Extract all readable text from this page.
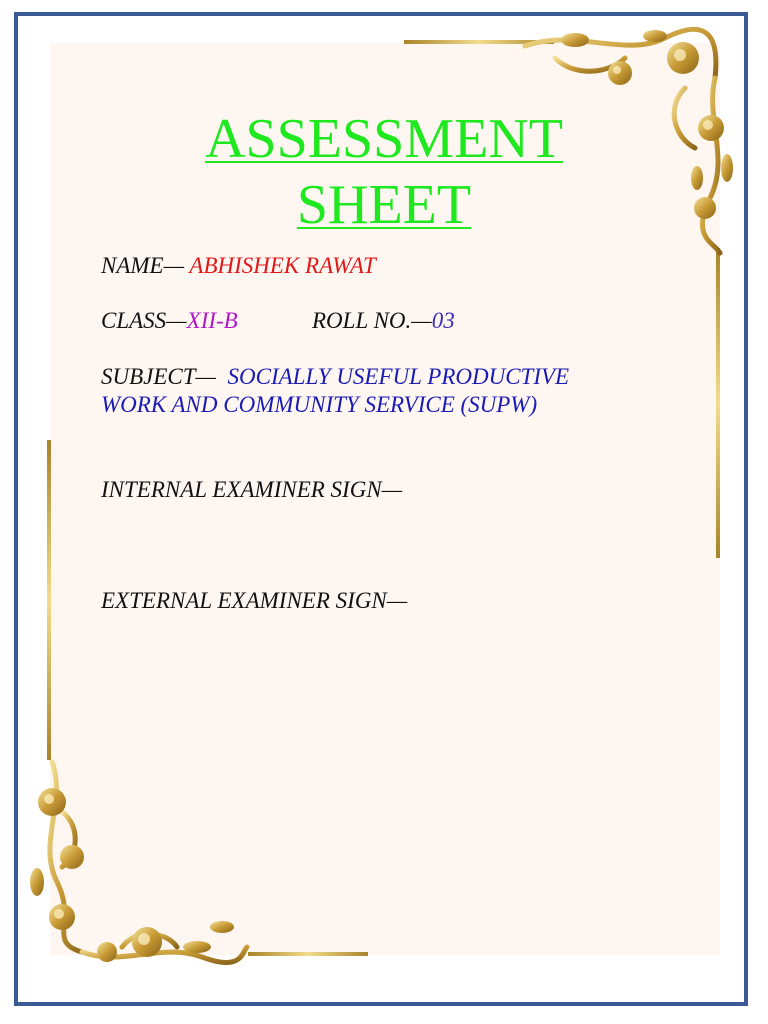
ASSESSMENT
SHEET
NAME— ABHISHEK RAWAT
CLASS—XII-B	ROLL NO.—03
SUBJECT— SOCIALLY USEFUL PRODUCTIVE
WORK AND COMMUNITY SERVICE (SUPW)
INTERNAL EXAMINER SIGN—
EXTERNAL EXAMINER SIGN—
